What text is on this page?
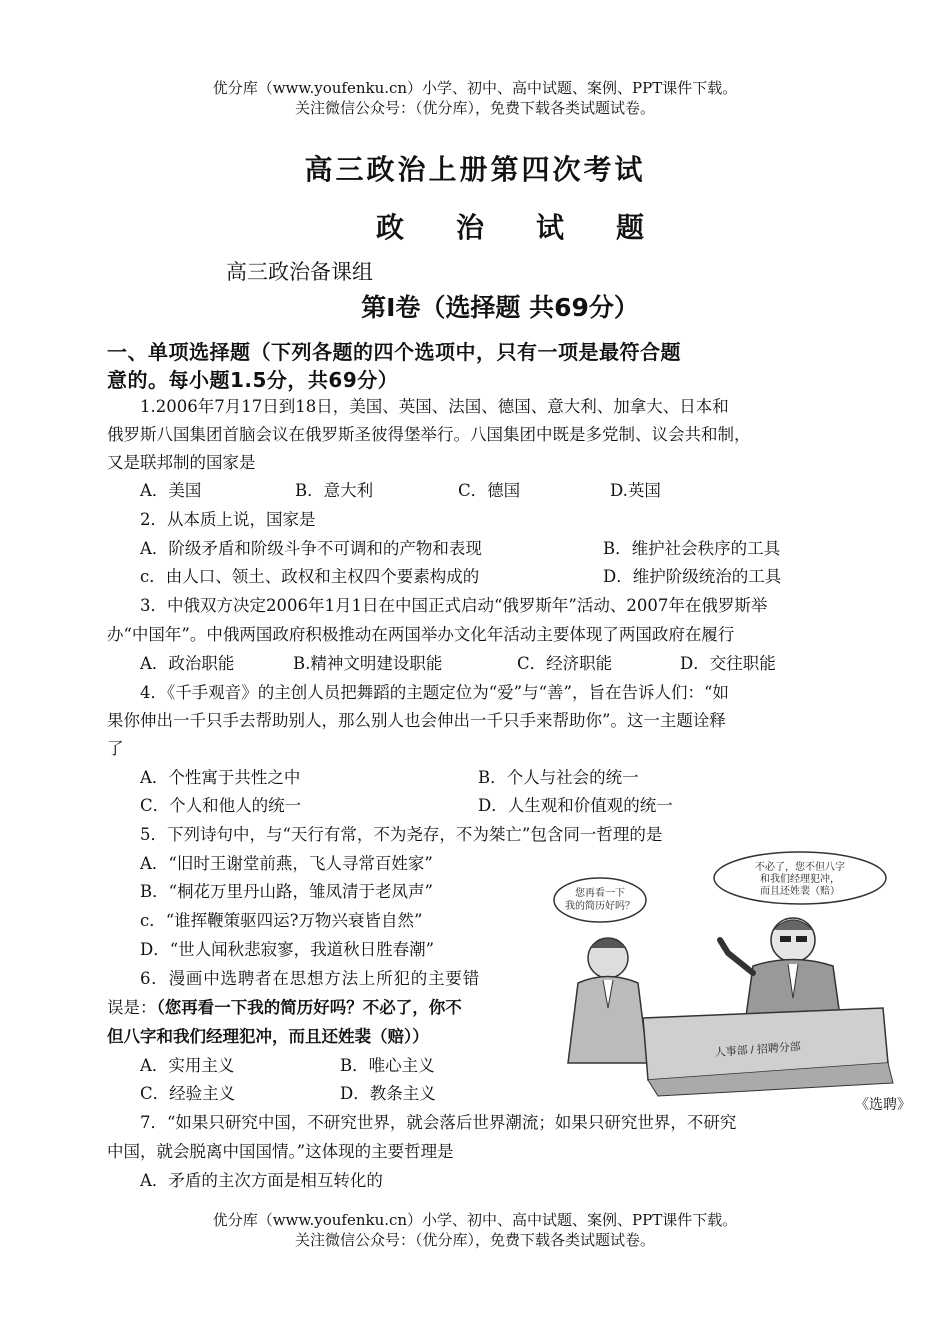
优分库（www.youfenku.cn）小学、初中、高中试题、案例、PPT课件下载。
关注微信公众号：（优分库），免费下载各类试题试卷。
高三政治上册第四次考试
政 治 试 题
高三政治备课组
第Ⅰ卷（选择题 共69分）
一、单项选择题（下列各题的四个选项中，只有一项是最符合题
意的。每小题1.5分，共69分）
1.2006年7月17日到18日，美国、英国、法国、德国、意大利、加拿大、日本和
俄罗斯八国集团首脑会议在俄罗斯圣彼得堡举行。八国集团中既是多党制、议会共和制，
又是联邦制的国家是
A．美国	B．意大利	C．德国	D.英国
2．从本质上说，国家是
A．阶级矛盾和阶级斗争不可调和的产物和表现	B．维护社会秩序的工具
c．由人口、领土、政权和主权四个要素构成的	D．维护阶级统治的工具
3．中俄双方决定2006年1月1日在中国正式启动“俄罗斯年”活动、2007年在俄罗斯举
办“中国年”。中俄两国政府积极推动在两国举办文化年活动主要体现了两国政府在履行
A．政治职能	B.精神文明建设职能	C．经济职能	D．交往职能
4．《千手观音》的主创人员把舞蹈的主题定位为“爱”与“善”，旨在告诉人们：“如
果你伸出一千只手去帮助别人，那么别人也会伸出一千只手来帮助你”。这一主题诠释
了
A．个性寓于共性之中	B．个人与社会的统一
C．个人和他人的统一	D．人生观和价值观的统一
5．下列诗句中，与“天行有常，不为尧存，不为桀亡”包含同一哲理的是
A．“旧时王谢堂前燕，飞人寻常百姓家”
B．“桐花万里丹山路，雏凤清于老凤声”
c．“谁挥鞭策驱四运?万物兴衰皆自然”
D．“世人闻秋悲寂寥，我道秋日胜春潮”
6．漫画中选聘者在思想方法上所犯的主要错
误是：（您再看一下我的简历好吗？不必了，你不
但八字和我们经理犯冲，而且还姓裴（赔））
A．实用主义	B．唯心主义
C．经验主义	D．教条主义
不必了，您不但八字
和我们经理犯冲，
而且还姓裴（赔）
您再看一下
我的简历好吗？
人事部 / 招聘分部
《选聘》
7．“如果只研究中国，不研究世界，就会落后世界潮流；如果只研究世界，不研究
中国，就会脱离中国国情。”这体现的主要哲理是
A．矛盾的主次方面是相互转化的
优分库（www.youfenku.cn）小学、初中、高中试题、案例、PPT课件下载。
关注微信公众号：（优分库），免费下载各类试题试卷。
